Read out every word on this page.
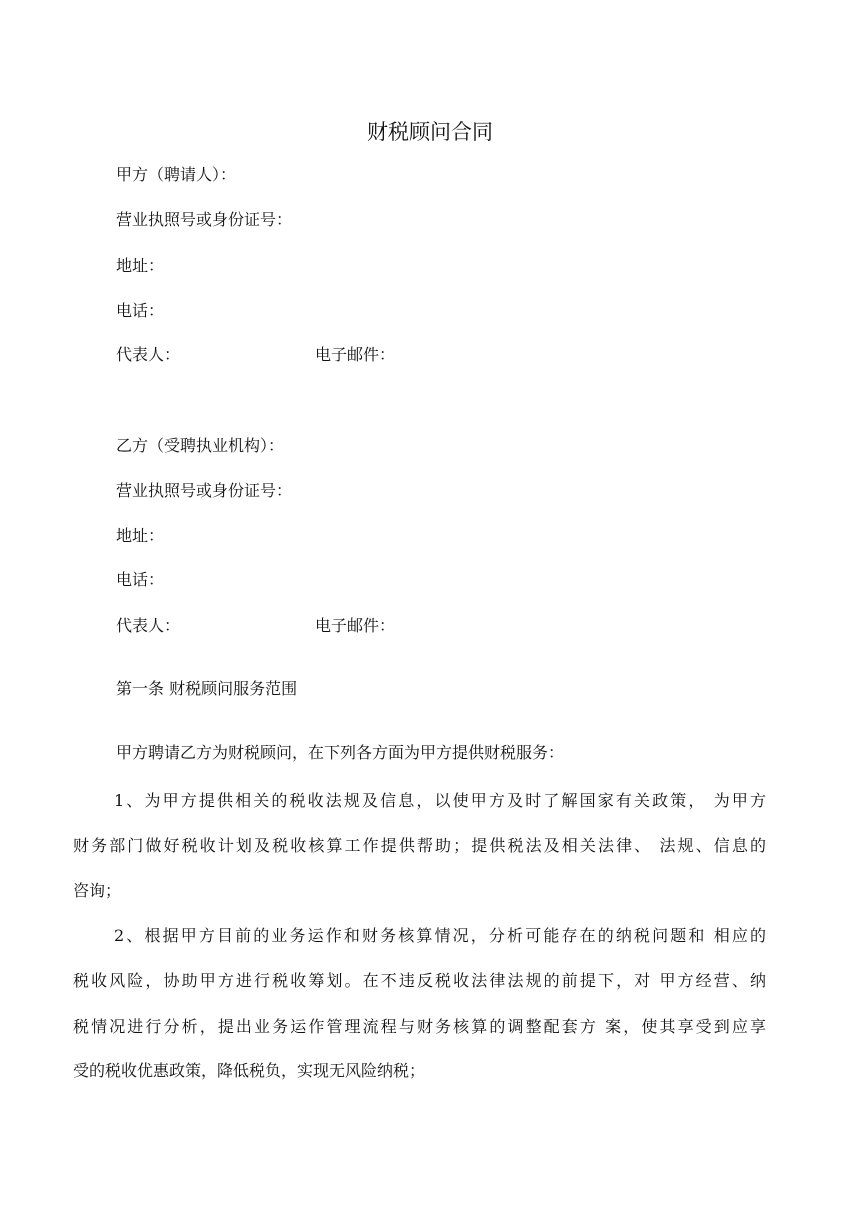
财税顾问合同
甲方（聘请人）：
营业执照号或身份证号：
地址：
电话：
代表人：	电子邮件：
乙方（受聘执业机构）：
营业执照号或身份证号：
地址：
电话：
代表人：	电子邮件：
第一条 财税顾问服务范围
甲方聘请乙方为财税顾问，在下列各方面为甲方提供财税服务：
1、为甲方提供相关的税收法规及信息，以使甲方及时了解国家有关政策， 为甲方
财务部门做好税收计划及税收核算工作提供帮助；提供税法及相关法律、 法规、信息的
咨询；
2、根据甲方目前的业务运作和财务核算情况，分析可能存在的纳税问题和 相应的
税收风险，协助甲方进行税收筹划。在不违反税收法律法规的前提下，对 甲方经营、纳
税情况进行分析，提出业务运作管理流程与财务核算的调整配套方 案，使其享受到应享
受的税收优惠政策，降低税负，实现无风险纳税；
